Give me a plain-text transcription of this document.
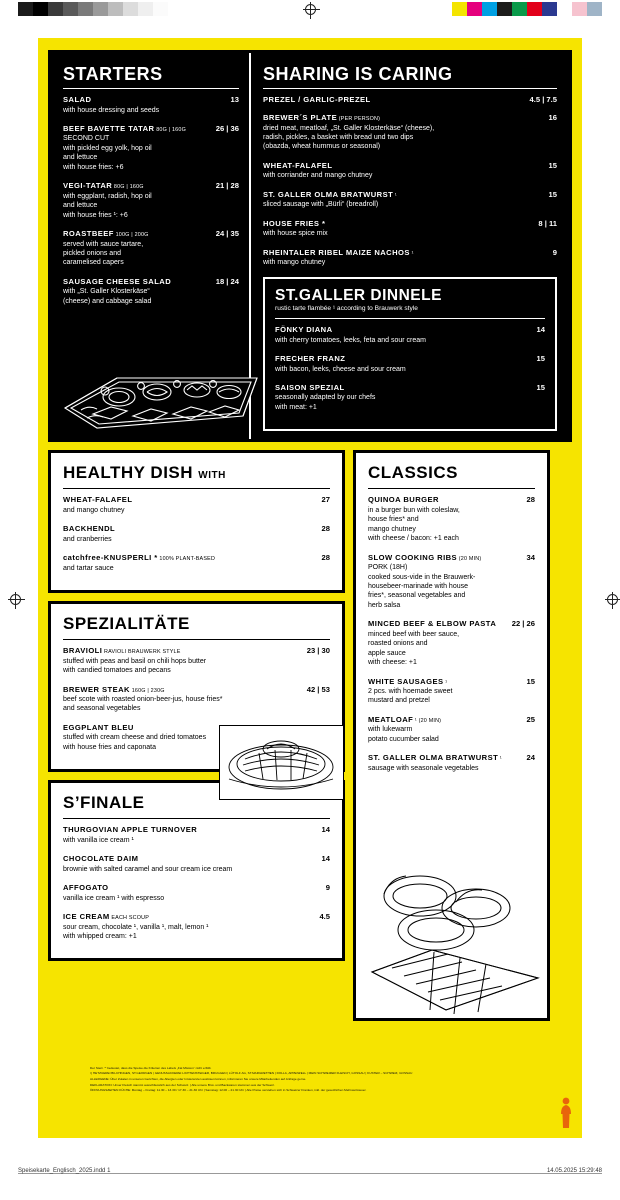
STARTERS
SALAD	13
with house dressing and seeds
BEEF BAVETTE TATAR 80G | 160G	26 | 36
SECOND CUT
with pickled egg yolk, hop oil
and lettuce
with house fries: +6
VEGI-TATAR 80G | 160G	21 | 28
with eggplant, radish, hop oil
and lettuce
with house fries ¹: +6
ROASTBEEF 100G | 200G	24 | 35
served with sauce tartare,
pickled onions and
caramelised capers
SAUSAGE CHEESE SALAD	18 | 24
with „St. Galler Klosterkäse“
(cheese) and cabbage salad
SHARING IS CARING
PREZEL / GARLIC-PREZEL	4.5 | 7.5
BREWER´S PLATE (PER PERSON)	16
dried meat, meatloaf, „St. Galler Klosterkäse“ (cheese),
radish, pickles, a basket with bread und two dips
(obazda, wheat hummus or seasonal)
WHEAT-FALAFEL	15
with corriander and mango chutney
ST. GALLER OLMA BRATWURST ¹	15
sliced sausage with „Bürli“ (breadroll)
HOUSE FRIES *	8 | 11
with house spice mix
RHEINTALER RIBEL MAIZE NACHOS ¹	9
with mango chutney
ST.GALLER DINNELE
rustic tarte flambée ¹ according to Brauwerk style
FÖNKY DIANA	14
with cherry tomatoes, leeks, feta and sour cream
FRECHER FRANZ	15
with bacon, leeks, cheese and sour cream
SAISON SPEZIAL	15
seasonally adapted by our chefs
with meat: +1
HEALTHY DISH WITH
WHEAT-FALAFEL	27
and mango chutney
BACKHENDL	28
and cranberries
catchfree-KNUSPERLI * 100% PLANT-BASED	28
and tartar sauce
SPEZIALITÄTE
BRAVIOLI RAVIOLI BRAUWERK STYLE	23 | 30
stuffed with peas and basil on chili hops butter
with candied tomatoes and pecans
BREWER STEAK 160G | 230G	42 | 53
beef scote with roasted onion-beer-jus, house fries*
and seasonal vegetables
EGGPLANT BLEU
stuffed with cream cheese and dried tomatoes
with house fries and caponata
S’FINALE
THURGOVIAN APPLE TURNOVER	14
with vanilla ice cream ¹
CHOCOLATE DAIM	14
brownie with salted caramel and sour cream ice cream
AFFOGATO	9
vanilla ice cream ¹ with espresso
ICE CREAM EACH SCOUP	4.5
sour cream, chocolate ¹, vanilla ¹, malt, lemon ¹
with whipped cream: +1
CLASSICS
QUINOA BURGER	28
in a burger bun with coleslaw,
house fries* and
mango chutney
with cheese / bacon: +1 each
SLOW COOKING RIBS (20 MIN)	34
PORK (18H)
cooked sous-vide in the Brauwerk-
housebeer-marinade with house
fries*, seasonal vegetables and
herb salsa
MINCED BEEF & ELBOW PASTA	22 | 26
minced beef with beer sauce,
roasted onions and
apple sauce
with cheese: +1
WHITE SAUSAGES ¹	15
2 pcs. with hoemade sweet
mustard and pretzel
MEATLOAF ¹ (20 MIN)	25
with lukewarm
potato cucumber salad
ST. GALLER OLMA BRATWURST ¹	24
sausage with seasonale vegetables
Der Stern “* bedeutet, dass die Speise die Kriterien des Labels „Fat Mission“ nicht erfüllt.
¹) HETZUEREI BILCHINGEN, ST.GEORGEN | GENUSSACKEREI LICHTENSTEIGER, BRUGGEN | LÜTOLF AG, ST.MARGRETHEN | DOLLA, APPENZELL | MEIN SCHWEIZER FLEISCH, GOSSAU | KUSTER – SCHWEIZ, GOSSAU
ALLERGENE: Über Zutaten in unseren Gerichten, die Allergien oder Intoleranzen auslösen können, informieren Sie unsere Mitarbeitenden auf Anfrage gerne.
DEKLARATION: Unser Fleisch stammt ausschliesslich aus der Schweiz. | Alle unsere Brot- und Backwaren stammen aus der Schweiz.
ÖFFNUNGSZEITEN KÜCHE: Montag – Freitag: 11.30 – 13.30 / 17.30 – 21.30 Uhr | Samstag: 12.00 – 21.30 Uhr | Alle Preise verstehen sich in Schweizer Franken, inkl. der gesetzlichen Mehrwertsteuer.
Speisekarte_Englisch_2025.indd 1	14.05.2025 15:29:48
